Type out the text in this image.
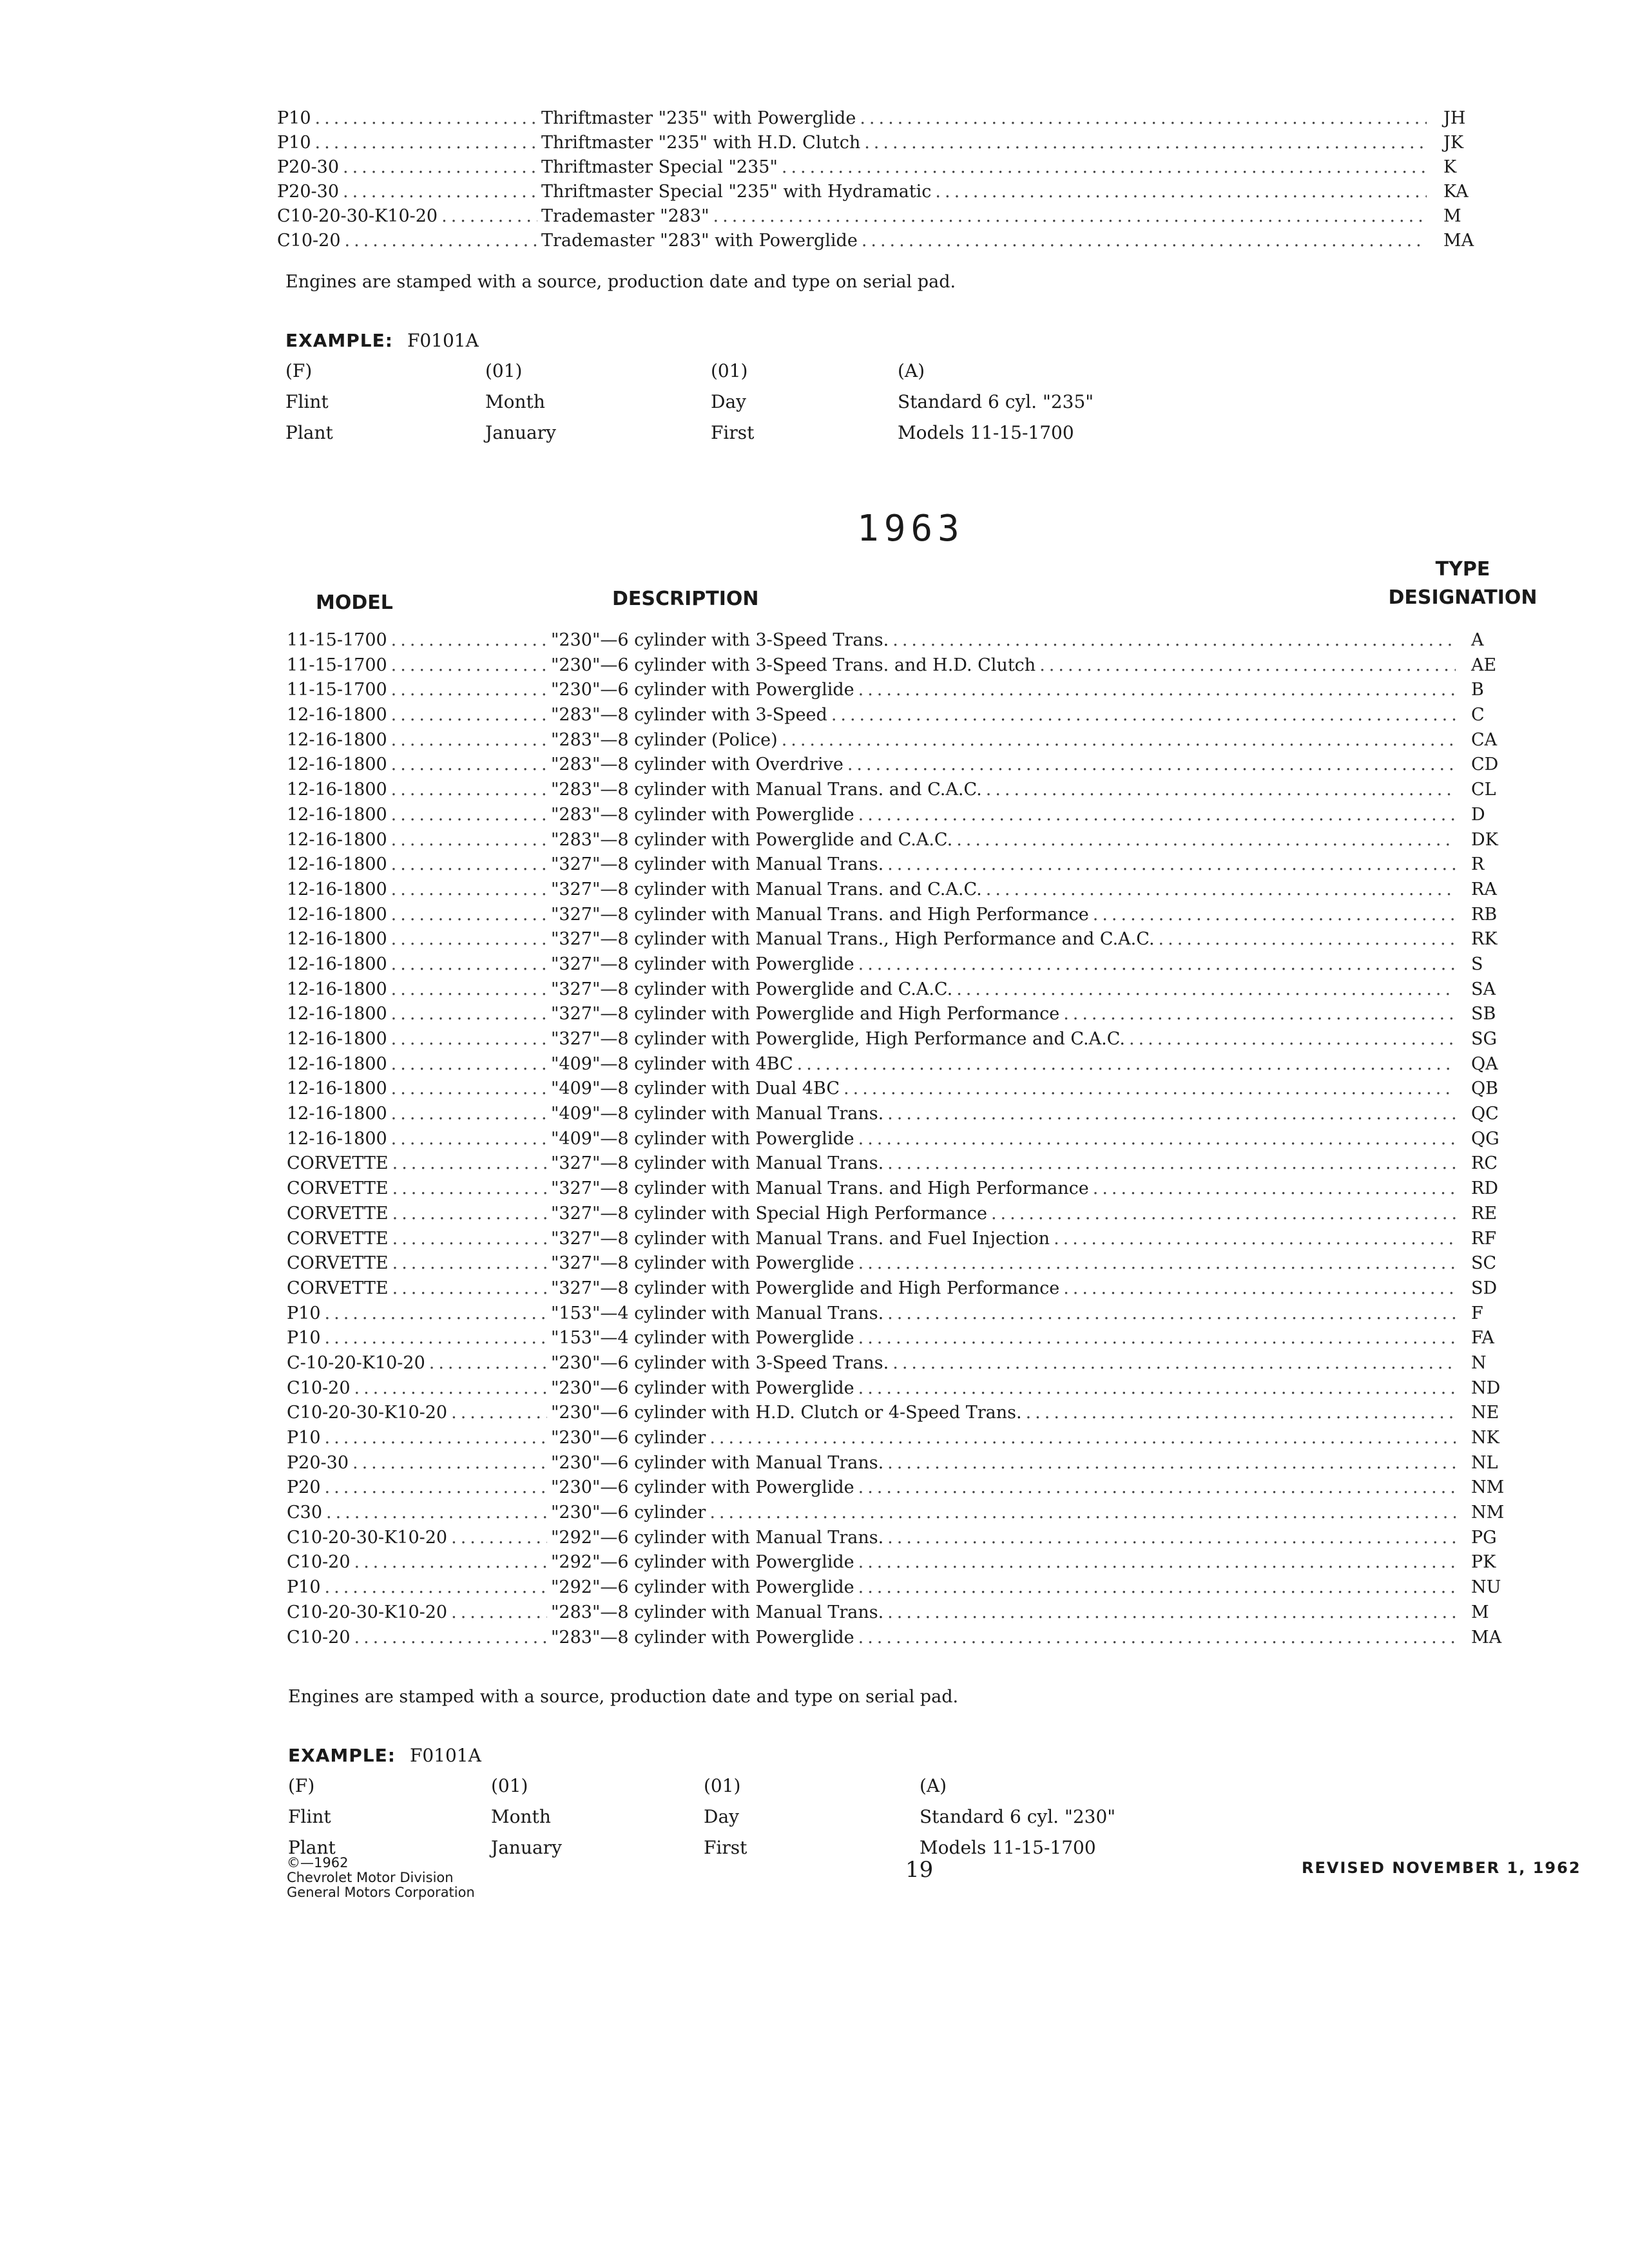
P10 .....	Thriftmaster "235" with Powerglide .....	JH
P10 .....	Thriftmaster "235" with H.D. Clutch .....	JK
P20-30 .....	Thriftmaster Special "235" .....	K
P20-30 .....	Thriftmaster Special "235" with Hydramatic .....	KA
C10-20-30-K10-20 .....	Trademaster "283" .....	M
C10-20 .....	Trademaster "283" with Powerglide .....	MA
Engines are stamped with a source, production date and type on serial pad.
EXAMPLE: F0101A
(F)	(01)	(01)	(A)
Flint	Month	Day	Standard 6 cyl. "235"
Plant	January	First	Models 11-15-1700
1963
TYPE
DESIGNATION
MODEL	DESCRIPTION
11-15-1700 .....	"230"—6 cylinder with 3-Speed Trans. .....	A
11-15-1700 .....	"230"—6 cylinder with 3-Speed Trans. and H.D. Clutch .....	AE
11-15-1700 .....	"230"—6 cylinder with Powerglide .....	B
12-16-1800 .....	"283"—8 cylinder with 3-Speed .....	C
12-16-1800 .....	"283"—8 cylinder (Police) .....	CA
12-16-1800 .....	"283"—8 cylinder with Overdrive .....	CD
12-16-1800 .....	"283"—8 cylinder with Manual Trans. and C.A.C. .....	CL
12-16-1800 .....	"283"—8 cylinder with Powerglide .....	D
12-16-1800 .....	"283"—8 cylinder with Powerglide and C.A.C. .....	DK
12-16-1800 .....	"327"—8 cylinder with Manual Trans. .....	R
12-16-1800 .....	"327"—8 cylinder with Manual Trans. and C.A.C. .....	RA
12-16-1800 .....	"327"—8 cylinder with Manual Trans. and High Performance .....	RB
12-16-1800 .....	"327"—8 cylinder with Manual Trans., High Performance and C.A.C. .....	RK
12-16-1800 .....	"327"—8 cylinder with Powerglide .....	S
12-16-1800 .....	"327"—8 cylinder with Powerglide and C.A.C. .....	SA
12-16-1800 .....	"327"—8 cylinder with Powerglide and High Performance .....	SB
12-16-1800 .....	"327"—8 cylinder with Powerglide, High Performance and C.A.C. .....	SG
12-16-1800 .....	"409"—8 cylinder with 4BC .....	QA
12-16-1800 .....	"409"—8 cylinder with Dual 4BC .....	QB
12-16-1800 .....	"409"—8 cylinder with Manual Trans. .....	QC
12-16-1800 .....	"409"—8 cylinder with Powerglide .....	QG
CORVETTE .....	"327"—8 cylinder with Manual Trans. .....	RC
CORVETTE .....	"327"—8 cylinder with Manual Trans. and High Performance .....	RD
CORVETTE .....	"327"—8 cylinder with Special High Performance .....	RE
CORVETTE .....	"327"—8 cylinder with Manual Trans. and Fuel Injection .....	RF
CORVETTE .....	"327"—8 cylinder with Powerglide .....	SC
CORVETTE .....	"327"—8 cylinder with Powerglide and High Performance .....	SD
P10 .....	"153"—4 cylinder with Manual Trans. .....	F
P10 .....	"153"—4 cylinder with Powerglide .....	FA
C-10-20-K10-20 .....	"230"—6 cylinder with 3-Speed Trans. .....	N
C10-20 .....	"230"—6 cylinder with Powerglide .....	ND
C10-20-30-K10-20 .....	"230"—6 cylinder with H.D. Clutch or 4-Speed Trans. .....	NE
P10 .....	"230"—6 cylinder .....	NK
P20-30 .....	"230"—6 cylinder with Manual Trans. .....	NL
P20 .....	"230"—6 cylinder with Powerglide .....	NM
C30 .....	"230"—6 cylinder .....	NM
C10-20-30-K10-20 .....	"292"—6 cylinder with Manual Trans. .....	PG
C10-20 .....	"292"—6 cylinder with Powerglide .....	PK
P10 .....	"292"—6 cylinder with Powerglide .....	NU
C10-20-30-K10-20 .....	"283"—8 cylinder with Manual Trans. .....	M
C10-20 .....	"283"—8 cylinder with Powerglide .....	MA
Engines are stamped with a source, production date and type on serial pad.
EXAMPLE: F0101A
(F)	(01)	(01)	(A)
Flint	Month	Day	Standard 6 cyl. "230"
Plant	January	First	Models 11-15-1700
©—1962
Chevrolet Motor Division
General Motors Corporation
19	REVISED NOVEMBER 1, 1962
